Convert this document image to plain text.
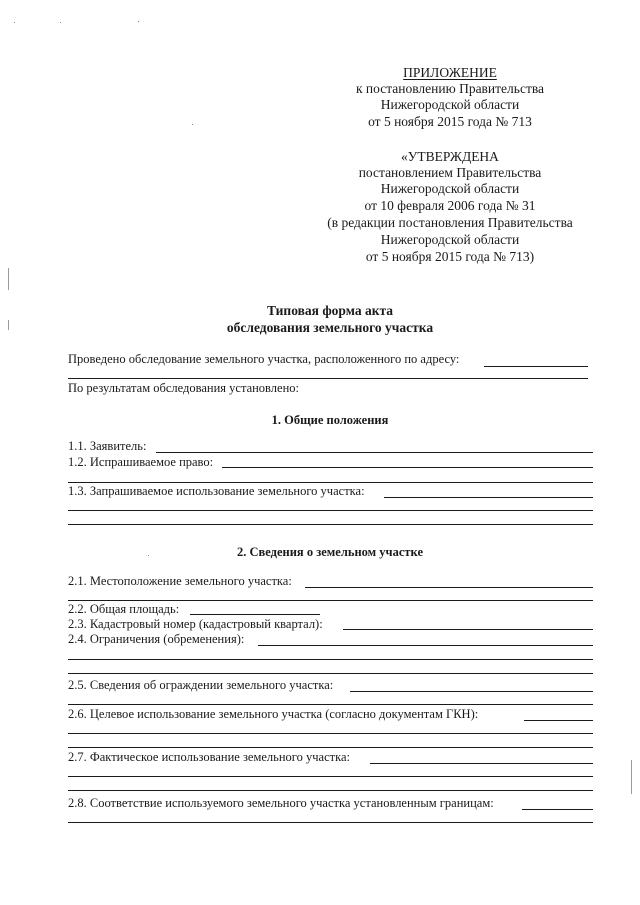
ПРИЛОЖЕНИЕ
к постановлению Правительства
Нижегородской области
от 5 ноября 2015 года № 713
«УТВЕРЖДЕНА
постановлением Правительства
Нижегородской области
от 10 февраля 2006 года № 31
(в редакции постановления Правительства
Нижегородской области
от 5 ноября 2015 года № 713)
Типовая форма акта
обследования земельного участка
Проведено обследование земельного участка, расположенного по адресу:
По результатам обследования установлено:
1. Общие положения
1.1. Заявитель:
1.2. Испрашиваемое право:
1.3. Запрашиваемое использование земельного участка:
2. Сведения о земельном участке
2.1. Местоположение земельного участка:
2.2. Общая площадь:
2.3. Кадастровый номер (кадастровый квартал):
2.4. Ограничения (обременения):
2.5. Сведения об ограждении земельного участка:
2.6. Целевое использование земельного участка (согласно документам ГКН):
2.7. Фактическое использование земельного участка:
2.8. Соответствие используемого земельного участка установленным границам:
